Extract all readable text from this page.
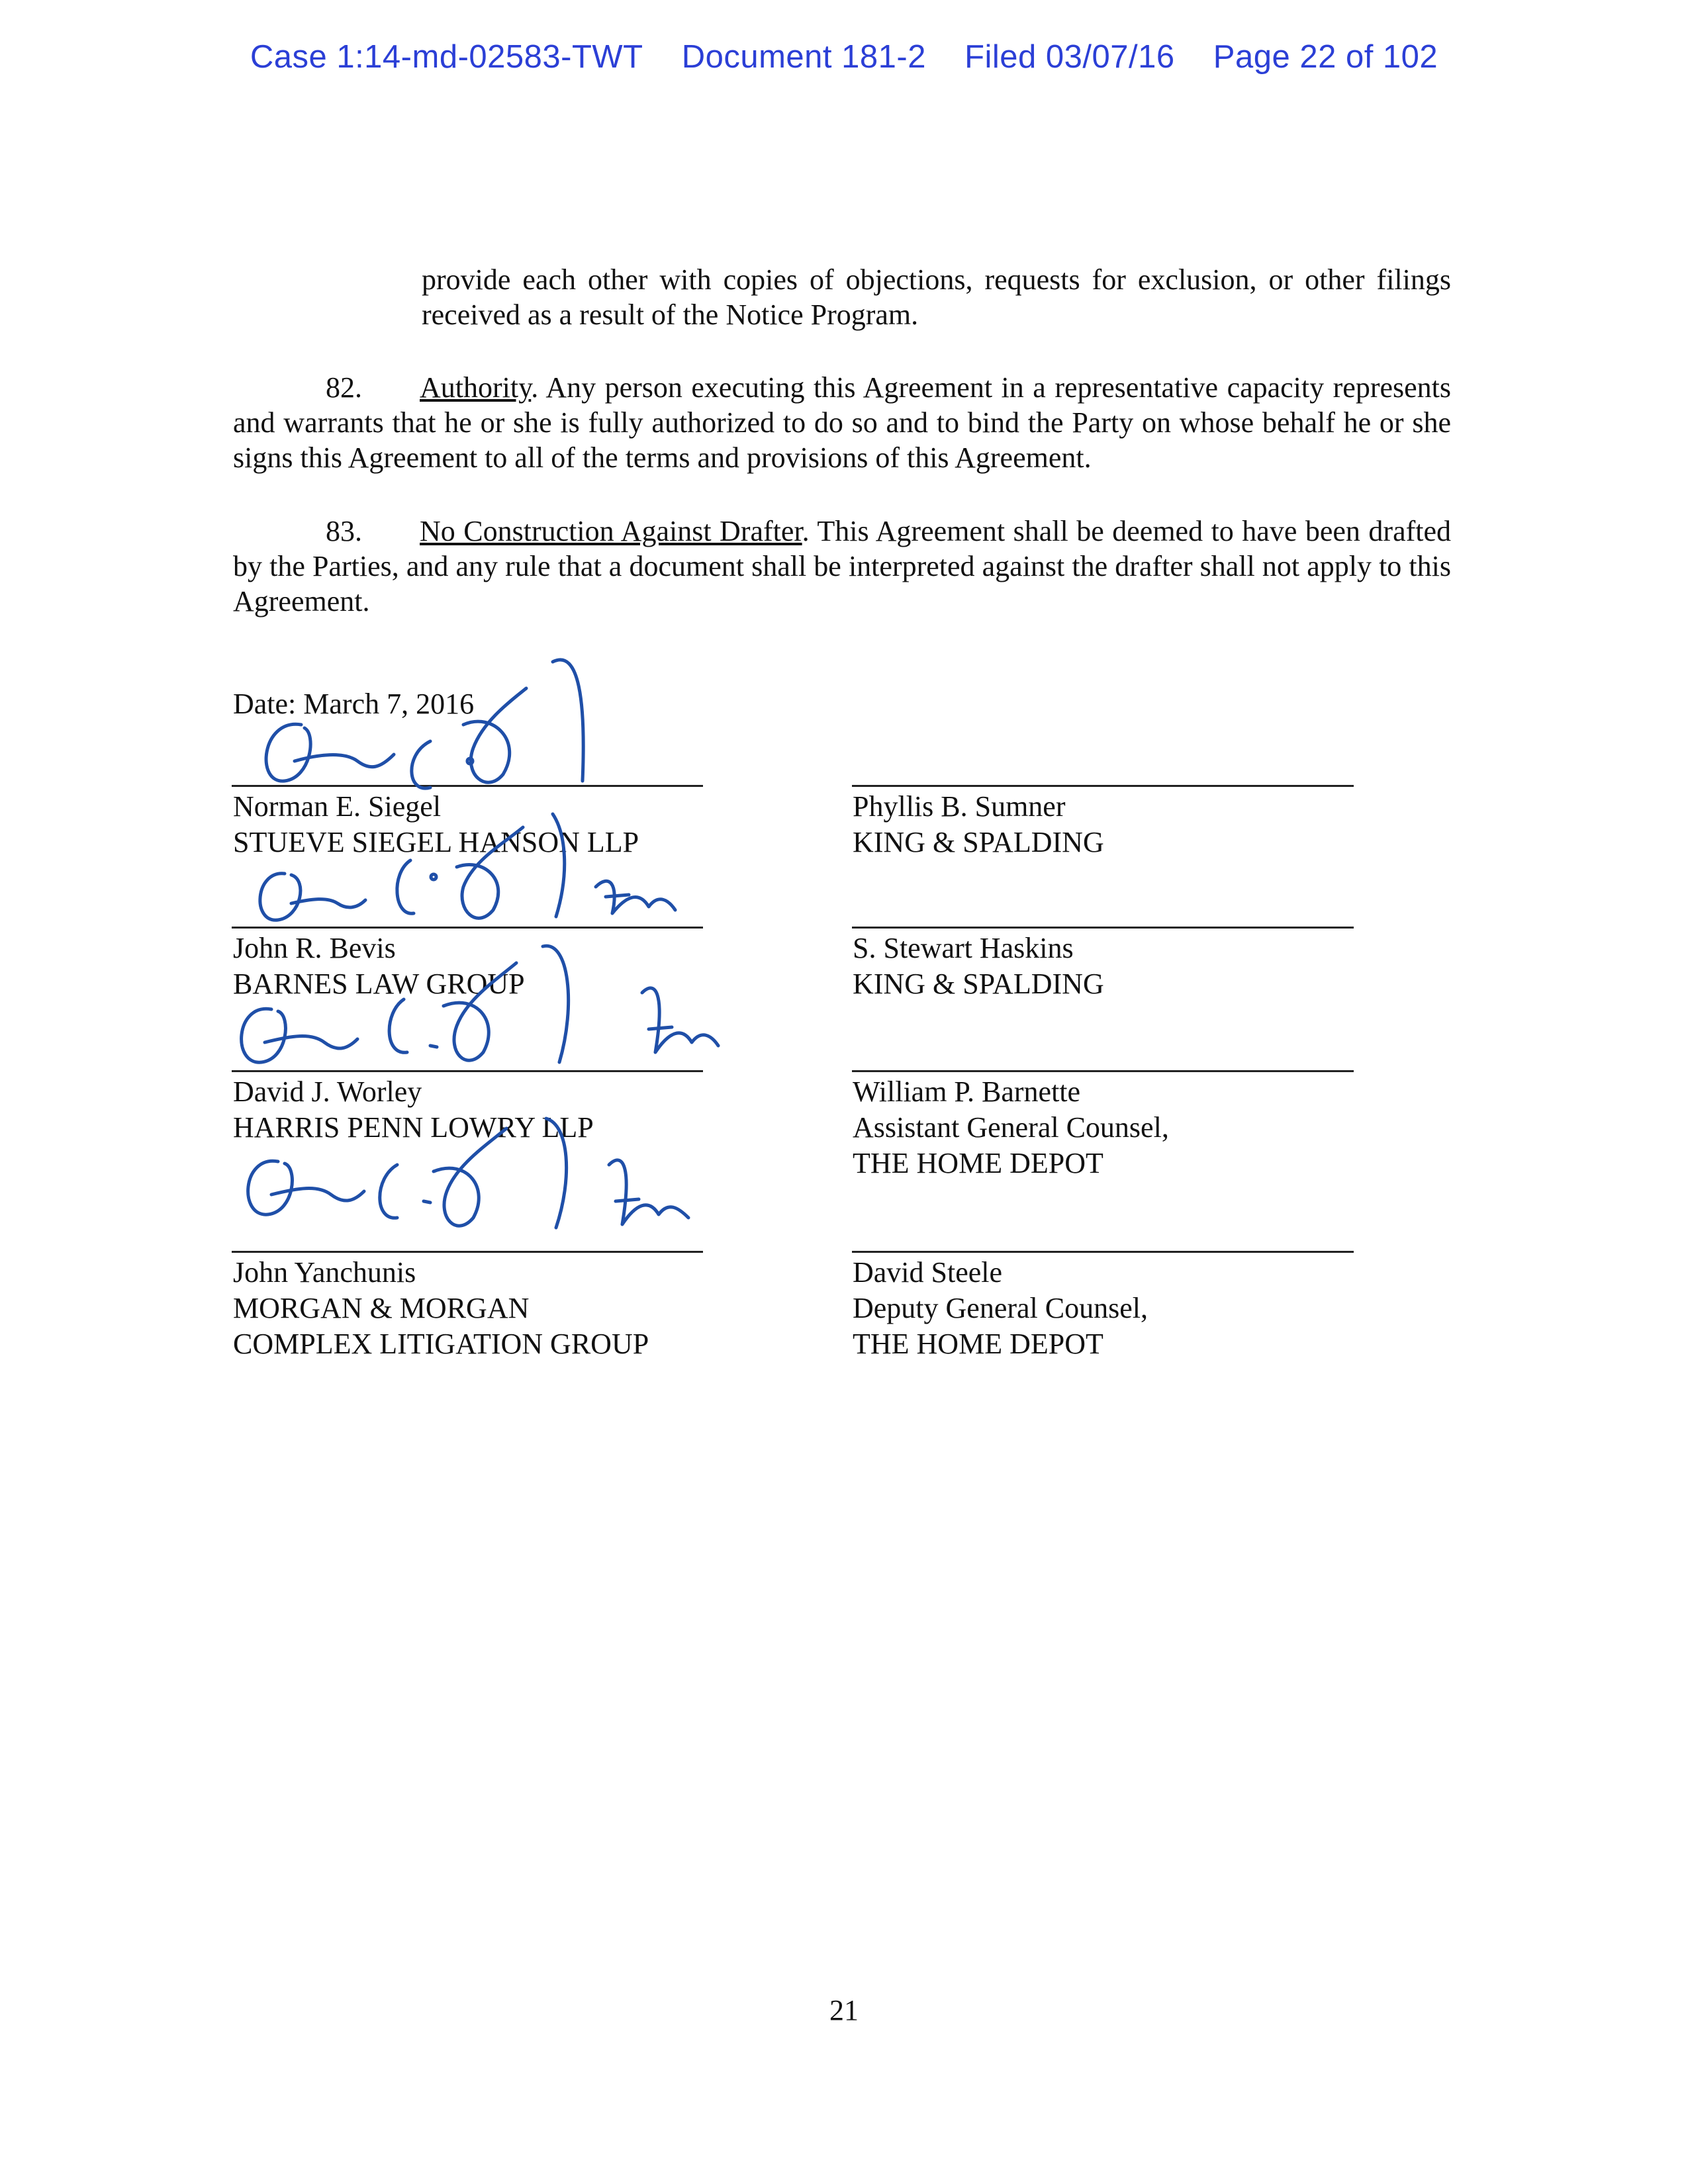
Case 1:14-md-02583-TWT Document 181-2 Filed 03/07/16 Page 22 of 102
provide each other with copies of objections, requests for exclusion, or other filings received as a result of the Notice Program.
82. Authority. Any person executing this Agreement in a representative capacity represents and warrants that he or she is fully authorized to do so and to bind the Party on whose behalf he or she signs this Agreement to all of the terms and provisions of this Agreement.
83. No Construction Against Drafter. This Agreement shall be deemed to have been drafted by the Parties, and any rule that a document shall be interpreted against the drafter shall not apply to this Agreement.
Date: March 7, 2016
Norman E. Siegel
STUEVE SIEGEL HANSON LLP
John R. Bevis
BARNES LAW GROUP
David J. Worley
HARRIS PENN LOWRY LLP
John Yanchunis
MORGAN & MORGAN
COMPLEX LITIGATION GROUP
Phyllis B. Sumner
KING & SPALDING
S. Stewart Haskins
KING & SPALDING
William P. Barnette
Assistant General Counsel,
THE HOME DEPOT
David Steele
Deputy General Counsel,
THE HOME DEPOT
21
